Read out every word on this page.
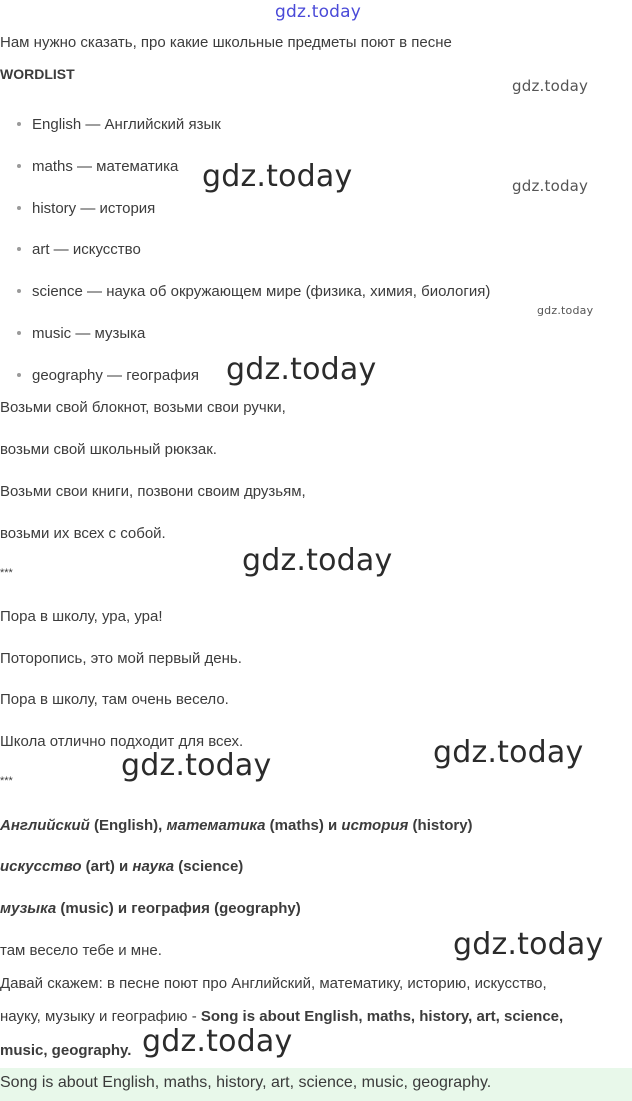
gdz.today
gdz.today
gdz.today	gdz.today
gdz.today
gdz.today
gdz.today
gdz.today
gdz.today
gdz.today
gdz.today
Нам нужно сказать, про какие школьные предметы поют в песне
WORDLIST
English — Английский язык
maths — математика
history — история
art — искусство
science — наука об окружающем мире (физика, химия, биология)
music — музыка
geography — география
Возьми свой блокнот, возьми свои ручки,
возьми свой школьный рюкзак.
Возьми свои книги, позвони своим друзьям,
возьми их всех с собой.
***
Пора в школу, ура, ура!
Поторопись, это мой первый день.
Пора в школу, там очень весело.
Школа отлично подходит для всех.
***
Английский (English), математика (maths) и история (history)
искусство (art) и наука (science)
музыка (music) и география (geography)
там весело тебе и мне.
Давай скажем: в песне поют про Английский, математику, историю, искусство,
науку, музыку и географию - Song is about English, maths, history, art, science,
music, geography.
Song is about English, maths, history, art, science, music, geography.
